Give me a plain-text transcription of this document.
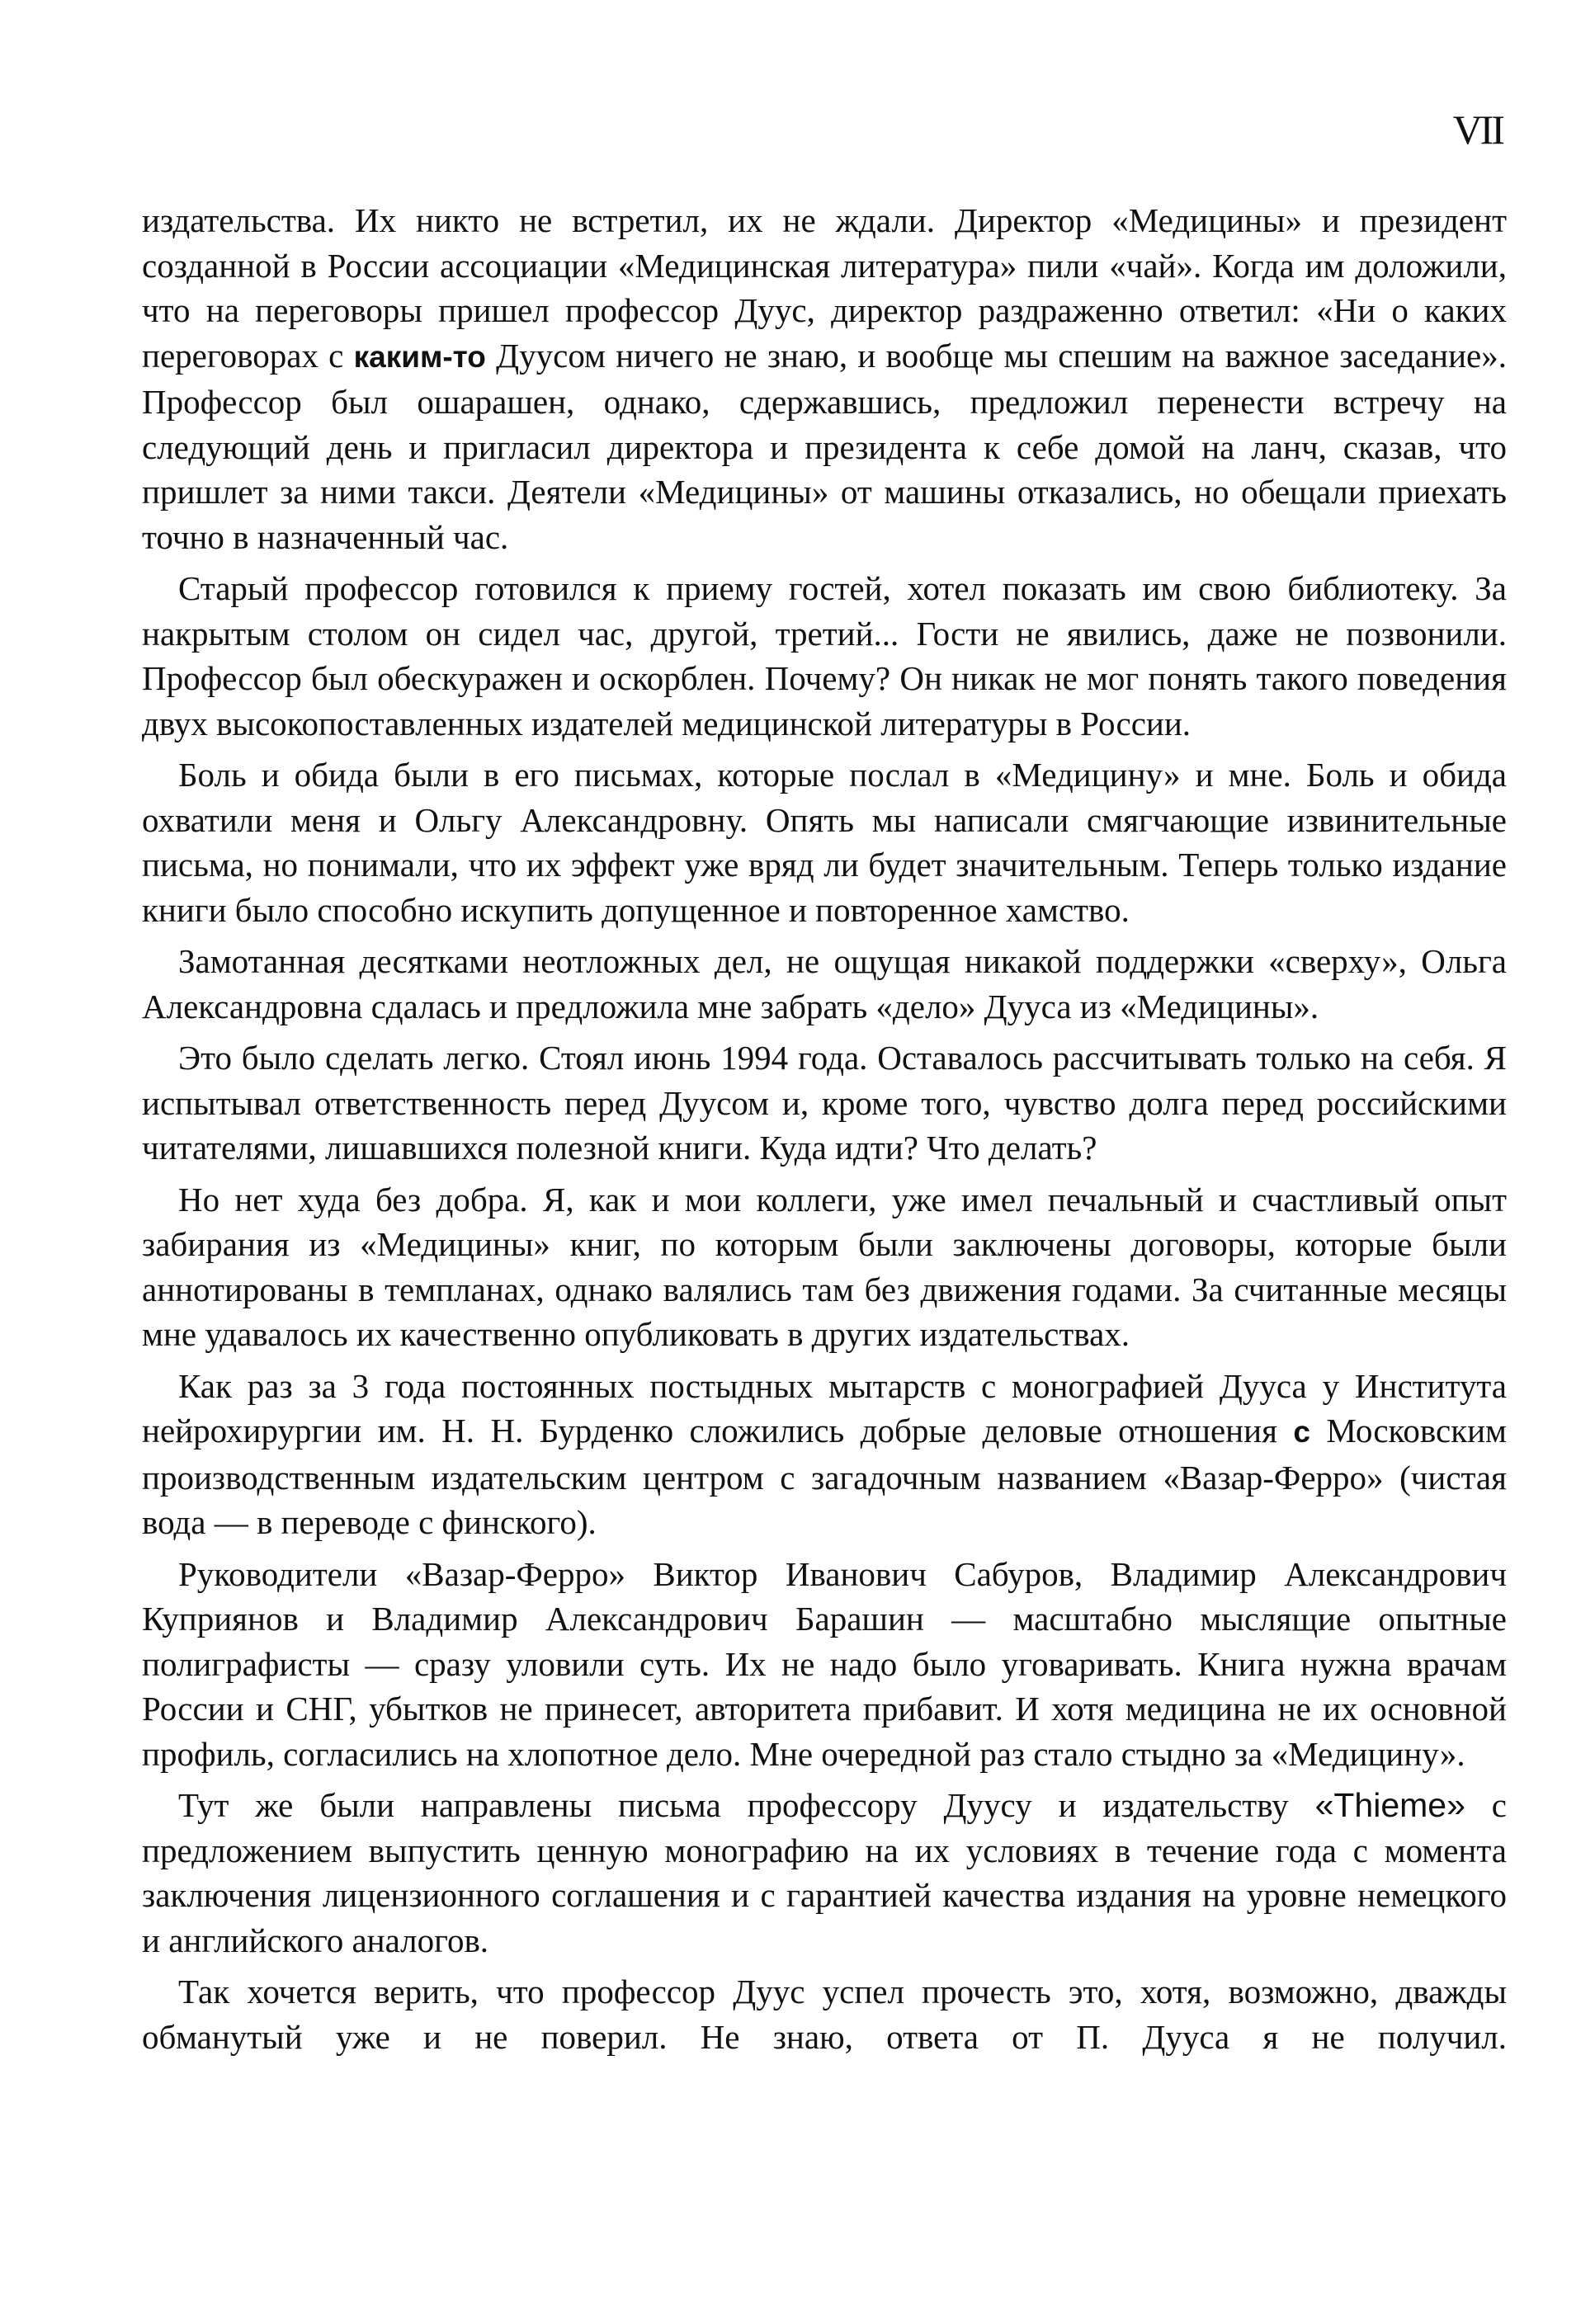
VII

издательства. Их никто не встретил, их не ждали. Директор «Медицины» и президент созданной в России ассоциации «Медицинская литература» пили «чай». Когда им доложили, что на переговоры пришел профессор Дуус, директор раздраженно ответил: «Ни о каких переговорах с каким-то Дуусом ничего не знаю, и вообще мы спешим на важное заседание». Профессор был ошарашен, однако, сдержавшись, предложил перенести встречу на следующий день и пригласил директора и президента к себе домой на ланч, сказав, что пришлет за ними такси. Деятели «Медицины» от машины отказались, но обещали приехать точно в назначенный час.

Старый профессор готовился к приему гостей, хотел показать им свою библиотеку. За накрытым столом он сидел час, другой, третий... Гости не явились, даже не позвонили. Профессор был обескуражен и оскорблен. Почему? Он никак не мог понять такого поведения двух высокопоставленных издателей медицинской литературы в России.

Боль и обида были в его письмах, которые послал в «Медицину» и мне. Боль и обида охватили меня и Ольгу Александровну. Опять мы написали смягчающие извинительные письма, но понимали, что их эффект уже вряд ли будет значительным. Теперь только издание книги было способно искупить допущенное и повторенное хамство.

Замотанная десятками неотложных дел, не ощущая никакой поддержки «сверху», Ольга Александровна сдалась и предложила мне забрать «дело» Дууса из «Медицины».

Это было сделать легко. Стоял июнь 1994 года. Оставалось рассчитывать только на себя. Я испытывал ответственность перед Дуусом и, кроме того, чувство долга перед российскими читателями, лишавшихся полезной книги. Куда идти? Что делать?

Но нет худа без добра. Я, как и мои коллеги, уже имел печальный и счастливый опыт забирания из «Медицины» книг, по которым были заключены договоры, которые были аннотированы в темпланах, однако валялись там без движения годами. За считанные месяцы мне удавалось их качественно опубликовать в других издательствах.

Как раз за 3 года постоянных постыдных мытарств с монографией Дууса у Института нейрохирургии им. Н. Н. Бурденко сложились добрые деловые отношения с Московским производственным издательским центром с загадочным названием «Вазар-Ферро» (чистая вода — в переводе с финского).

Руководители «Вазар-Ферро» Виктор Иванович Сабуров, Владимир Александрович Куприянов и Владимир Александрович Барашин — масштабно мыслящие опытные полиграфисты — сразу уловили суть. Их не надо было уговаривать. Книга нужна врачам России и СНГ, убытков не принесет, авторитета прибавит. И хотя медицина не их основной профиль, согласились на хлопотное дело. Мне очередной раз стало стыдно за «Медицину».

Тут же были направлены письма профессору Дуусу и издательству «Thieme» с предложением выпустить ценную монографию на их условиях в течение года с момента заключения лицензионного соглашения и с гарантией качества издания на уровне немецкого и английского аналогов.

Так хочется верить, что профессор Дуус успел прочесть это, хотя, возможно, дважды обманутый уже и не поверил. Не знаю, ответа от П. Дууса я не получил.
